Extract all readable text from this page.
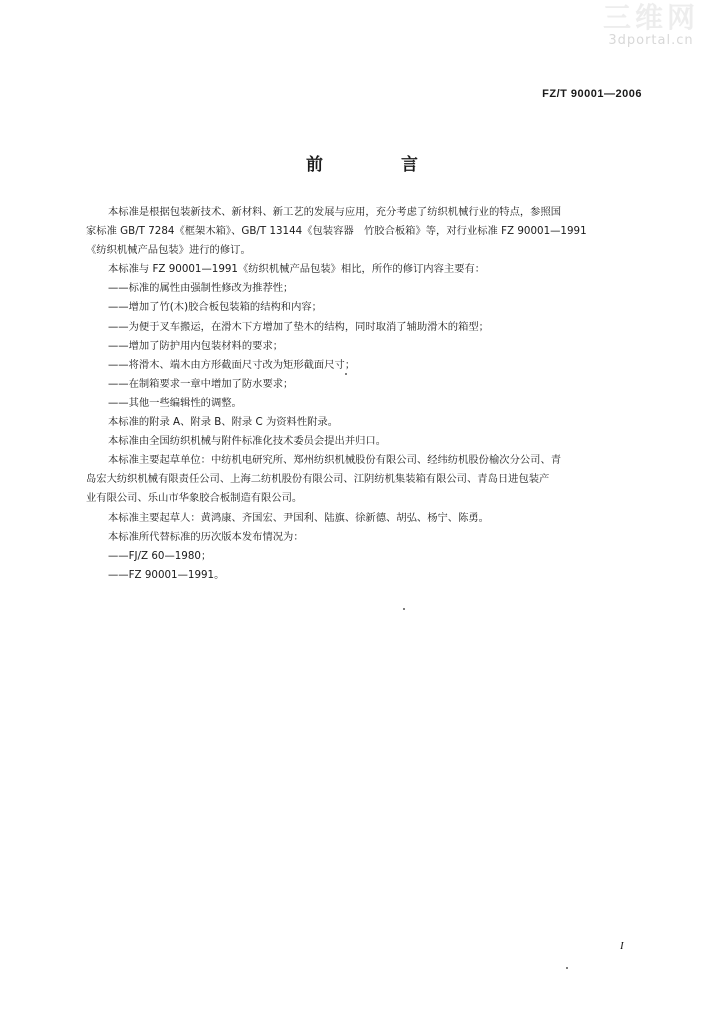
三维网
3dportal.cn
FZ/T 90001—2006
前 言
本标准是根据包装新技术、新材料、新工艺的发展与应用，充分考虑了纺织机械行业的特点，参照国
家标准 GB/T 7284《框架木箱》、GB/T 13144《包装容器　竹胶合板箱》等，对行业标准 FZ 90001—1991
《纺织机械产品包装》进行的修订。
本标准与 FZ 90001—1991《纺织机械产品包装》相比，所作的修订内容主要有：
——标准的属性由强制性修改为推荐性；
——增加了竹(木)胶合板包装箱的结构和内容；
——为便于叉车搬运，在滑木下方增加了垫木的结构，同时取消了辅助滑木的箱型；
——增加了防护用内包装材料的要求；
——将滑木、端木由方形截面尺寸改为矩形截面尺寸；
——在制箱要求一章中增加了防水要求；
——其他一些编辑性的调整。
本标准的附录 A、附录 B、附录 C 为资料性附录。
本标准由全国纺织机械与附件标准化技术委员会提出并归口。
本标准主要起草单位：中纺机电研究所、郑州纺织机械股份有限公司、经纬纺机股份榆次分公司、青
岛宏大纺织机械有限责任公司、上海二纺机股份有限公司、江阴纺机集装箱有限公司、青岛日进包装产
业有限公司、乐山市华象胶合板制造有限公司。
本标准主要起草人：黄鸿康、齐国宏、尹国利、陆旗、徐新德、胡弘、杨宁、陈勇。
本标准所代替标准的历次版本发布情况为：
——FJ/Z 60—1980；
——FZ 90001—1991。
I
